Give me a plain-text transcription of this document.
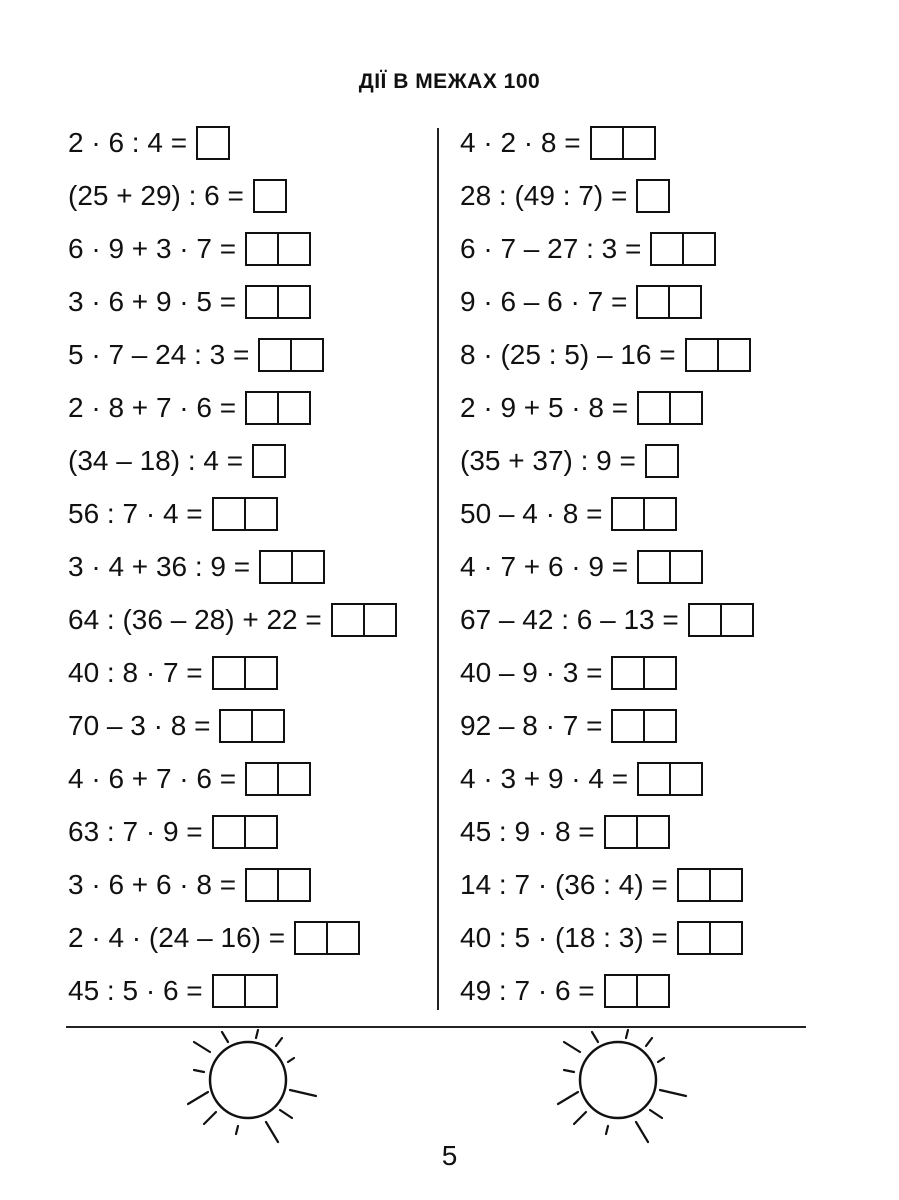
ДІЇ В МЕЖАХ 100
2 · 6 : 4 =
(25 + 29) : 6 =
6 · 9 + 3 · 7 =
3 · 6 + 9 · 5 =
5 · 7 – 24 : 3 =
2 · 8 + 7 · 6 =
(34 – 18) : 4 =
56 : 7 · 4 =
3 · 4 + 36 : 9 =
64 : (36 – 28) + 22 =
40 : 8 · 7 =
70 – 3 · 8 =
4 · 6 + 7 · 6 =
63 : 7 · 9 =
3 · 6 + 6 · 8 =
2 · 4 · (24 – 16) =
45 : 5 · 6 =
4 · 2 · 8 =
28 : (49 : 7) =
6 · 7 – 27 : 3 =
9 · 6 – 6 · 7 =
8 · (25 : 5) – 16 =
2 · 9 + 5 · 8 =
(35 + 37) : 9 =
50 – 4 · 8 =
4 · 7 + 6 · 9 =
67 – 42 : 6 – 13 =
40 – 9 · 3 =
92 – 8 · 7 =
4 · 3 + 9 · 4 =
45 : 9 · 8 =
14 : 7 · (36 : 4) =
40 : 5 · (18 : 3) =
49 : 7 · 6 =
5
